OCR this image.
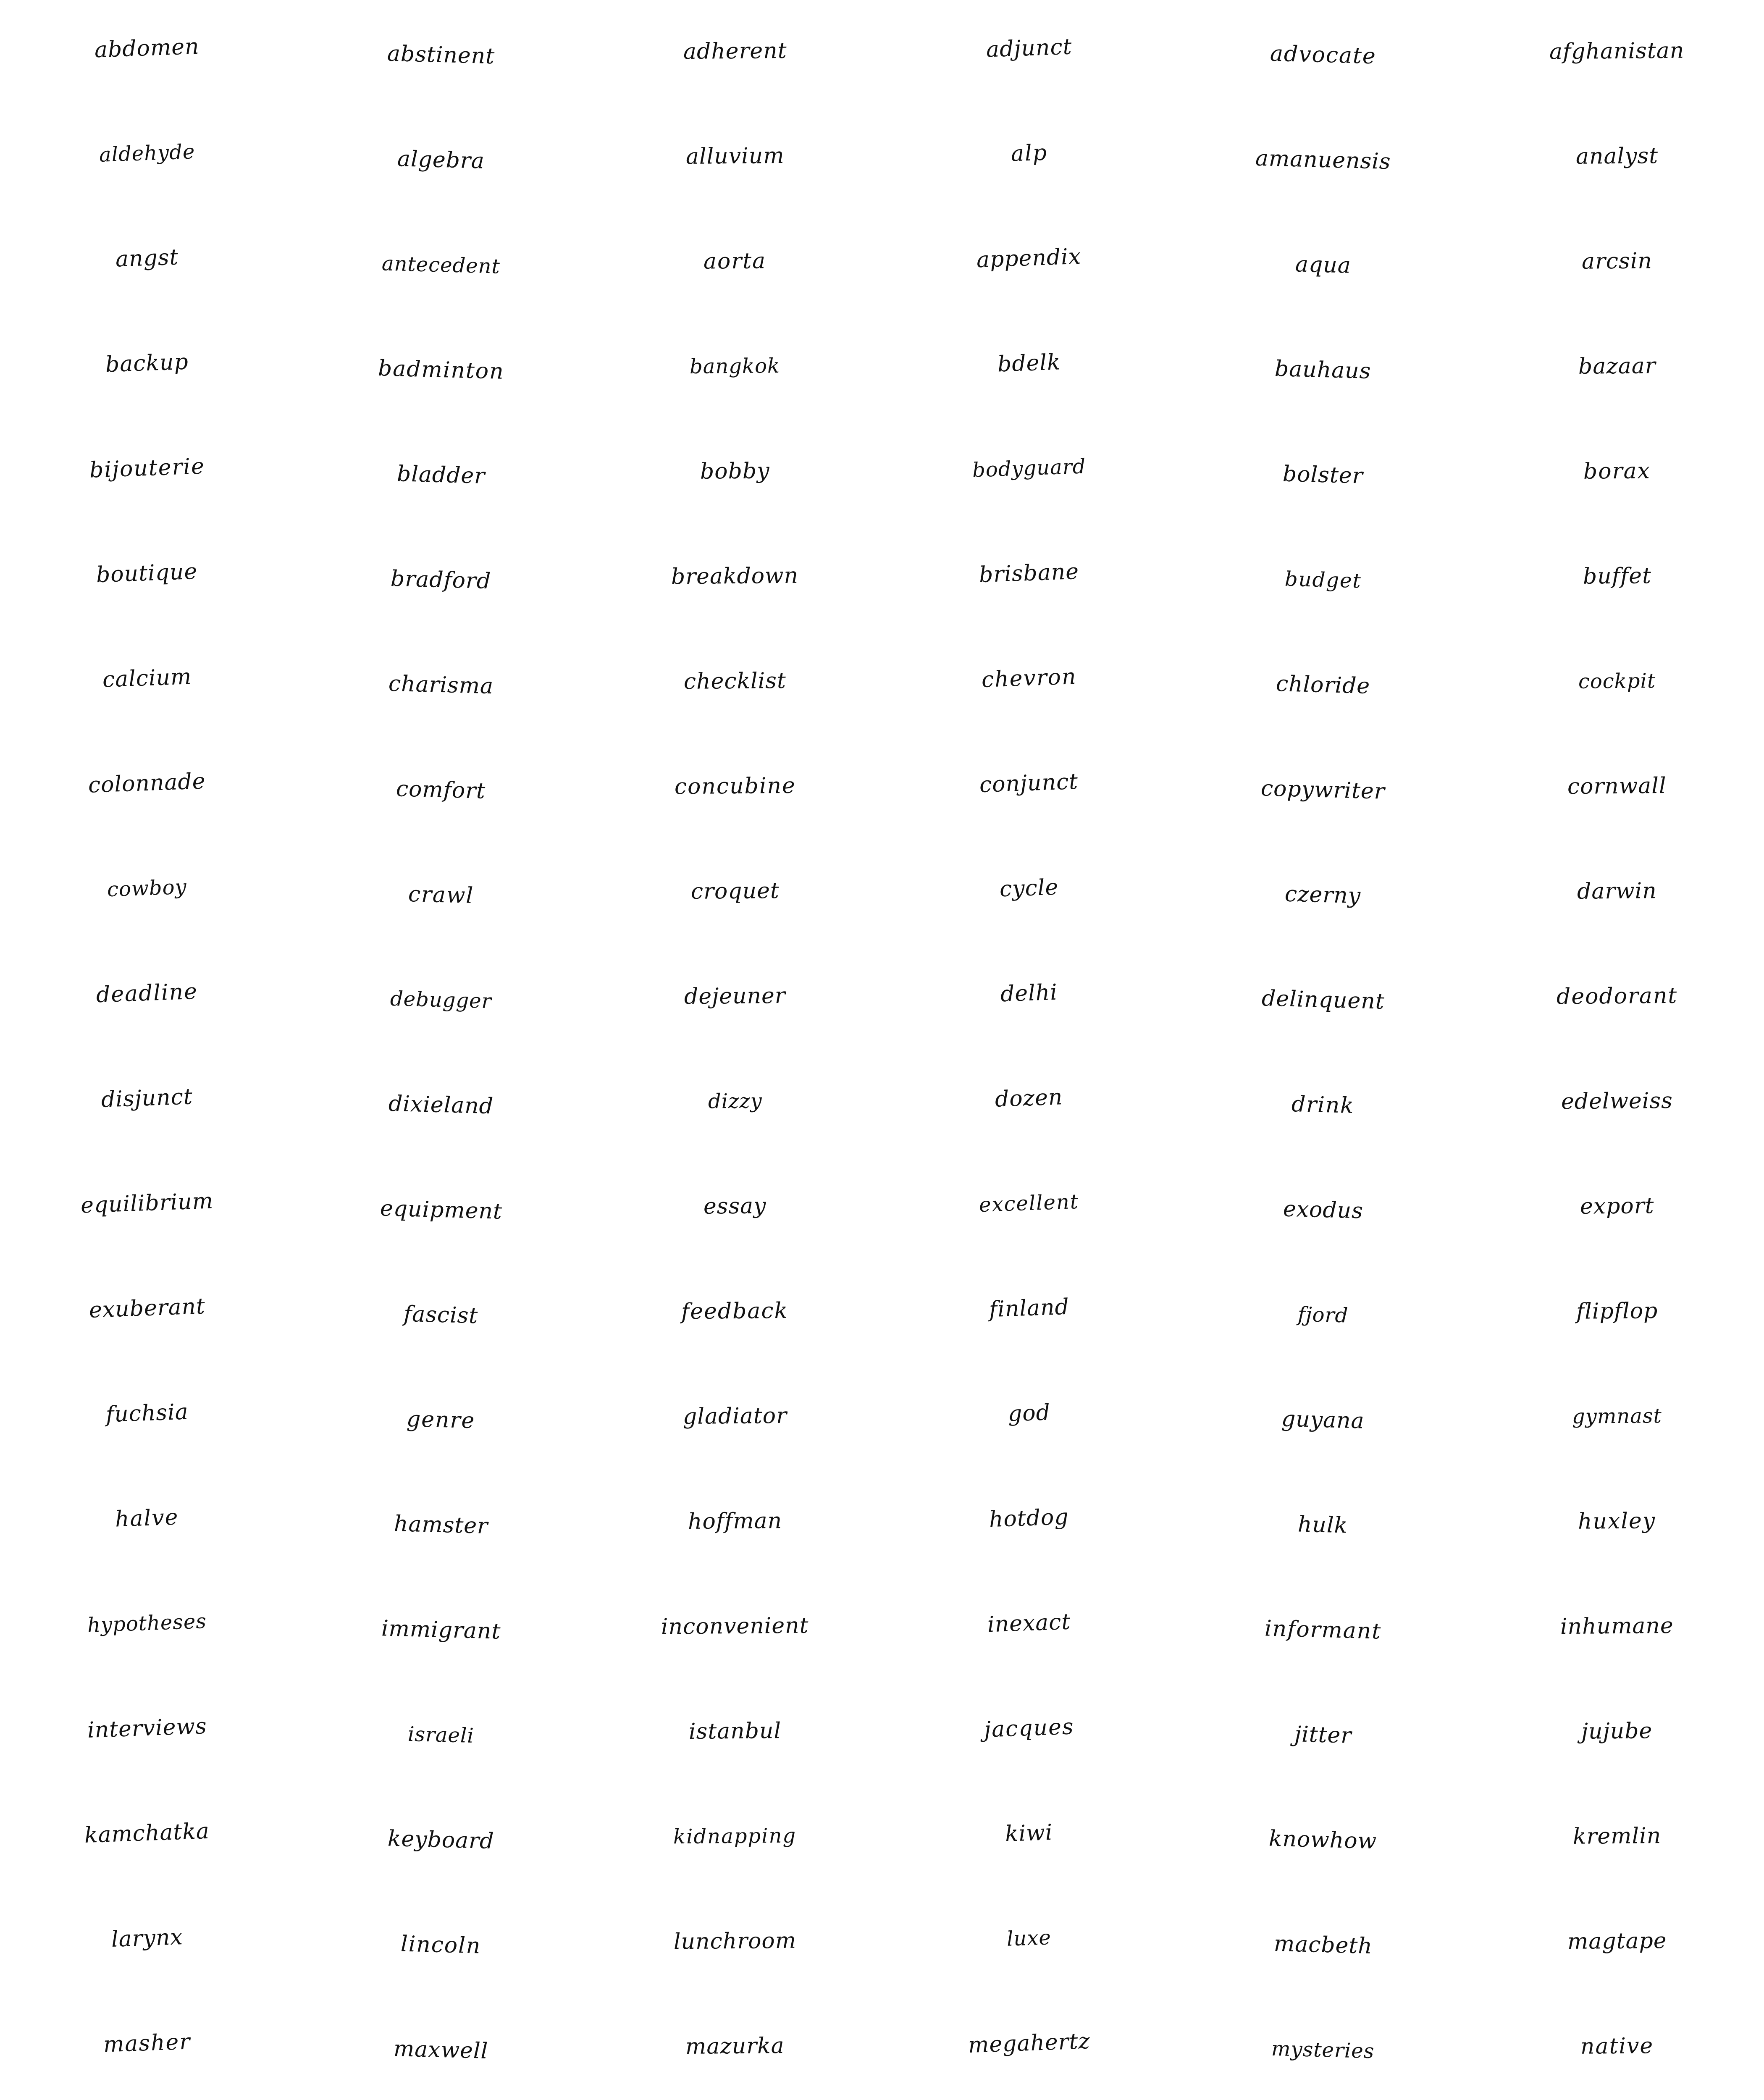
abdomen	abstinent	adherent	adjunct	advocate	afghanistan
aldehyde	algebra	alluvium	alp	amanuensis	analyst
angst	antecedent	aorta	appendix	aqua	arcsin
backup	badminton	bangkok	bdelk	bauhaus	bazaar
bijouterie	bladder	bobby	bodyguard	bolster	borax
boutique	bradford	breakdown	brisbane	budget	buffet
calcium	charisma	checklist	chevron	chloride	cockpit
colonnade	comfort	concubine	conjunct	copywriter	cornwall
cowboy	crawl	croquet	cycle	czerny	darwin
deadline	debugger	dejeuner	delhi	delinquent	deodorant
disjunct	dixieland	dizzy	dozen	drink	edelweiss
equilibrium	equipment	essay	excellent	exodus	export
exuberant	fascist	feedback	finland	fjord	flipflop
fuchsia	genre	gladiator	god	guyana	gymnast
halve	hamster	hoffman	hotdog	hulk	huxley
hypotheses	immigrant	inconvenient	inexact	informant	inhumane
interviews	israeli	istanbul	jacques	jitter	jujube
kamchatka	keyboard	kidnapping	kiwi	knowhow	kremlin
larynx	lincoln	lunchroom	luxe	macbeth	magtape
masher	maxwell	mazurka	megahertz	mysteries	native
